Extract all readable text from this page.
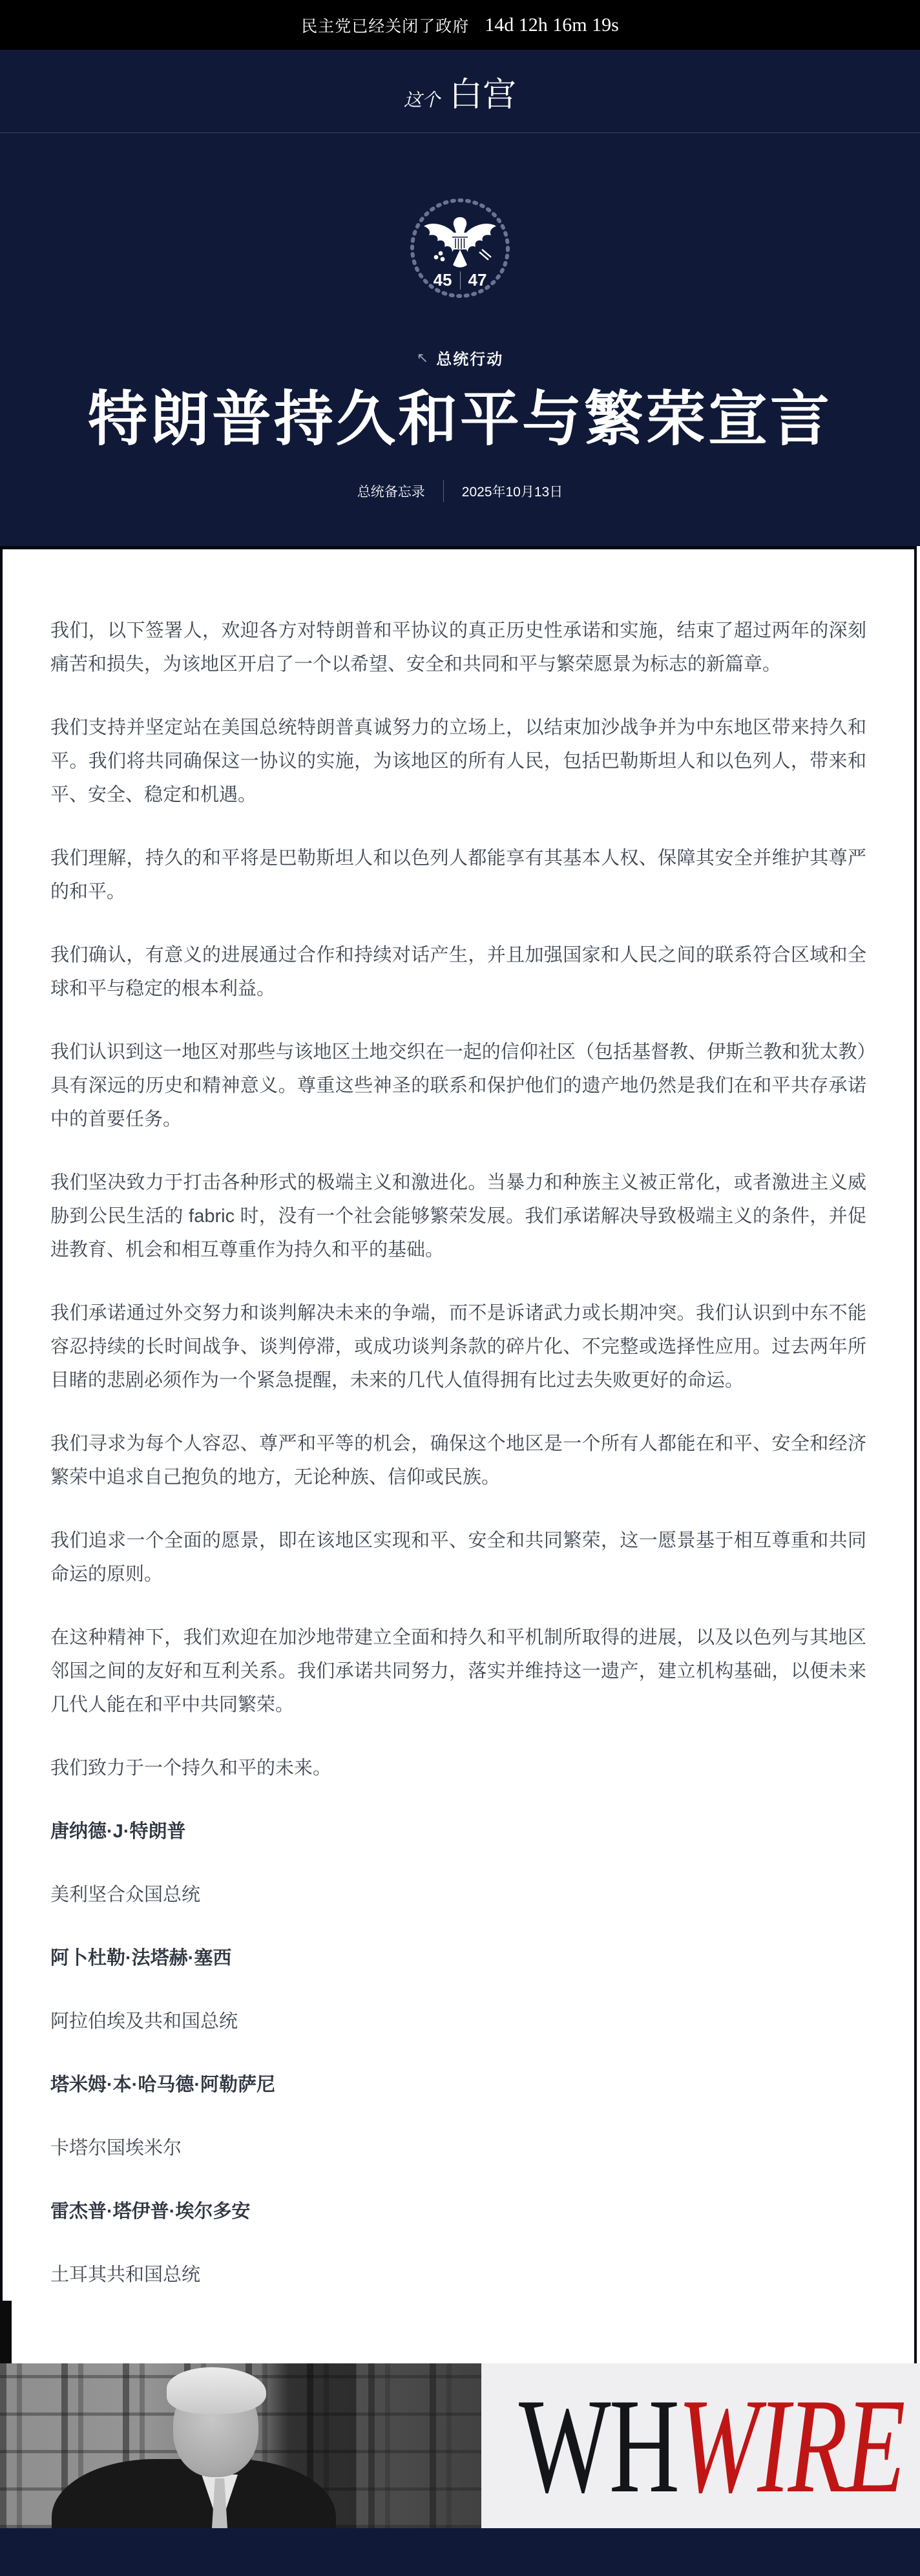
民主党已经关闭了政府 14d 12h 16m 19s
这个 白宫
45 47
↖ 总统行动
特朗普持久和平与繁荣宣言
总统备忘录	2025年10月13日

我们，以下签署人，欢迎各方对特朗普和平协议的真正历史性承诺和实施，结束了超过两年的深刻痛苦和损失，为该地区开启了一个以希望、安全和共同和平与繁荣愿景为标志的新篇章。

我们支持并坚定站在美国总统特朗普真诚努力的立场上，以结束加沙战争并为中东地区带来持久和平。我们将共同确保这一协议的实施，为该地区的所有人民，包括巴勒斯坦人和以色列人，带来和平、安全、稳定和机遇。

我们理解，持久的和平将是巴勒斯坦人和以色列人都能享有其基本人权、保障其安全并维护其尊严的和平。

我们确认，有意义的进展通过合作和持续对话产生，并且加强国家和人民之间的联系符合区域和全球和平与稳定的根本利益。

我们认识到这一地区对那些与该地区土地交织在一起的信仰社区（包括基督教、伊斯兰教和犹太教）具有深远的历史和精神意义。尊重这些神圣的联系和保护他们的遗产地仍然是我们在和平共存承诺中的首要任务。

我们坚决致力于打击各种形式的极端主义和激进化。当暴力和种族主义被正常化，或者激进主义威胁到公民生活的 fabric 时，没有一个社会能够繁荣发展。我们承诺解决导致极端主义的条件，并促进教育、机会和相互尊重作为持久和平的基础。

我们承诺通过外交努力和谈判解决未来的争端，而不是诉诸武力或长期冲突。我们认识到中东不能容忍持续的长时间战争、谈判停滞，或成功谈判条款的碎片化、不完整或选择性应用。过去两年所目睹的悲剧必须作为一个紧急提醒，未来的几代人值得拥有比过去失败更好的命运。

我们寻求为每个人容忍、尊严和平等的机会，确保这个地区是一个所有人都能在和平、安全和经济繁荣中追求自己抱负的地方，无论种族、信仰或民族。

我们追求一个全面的愿景，即在该地区实现和平、安全和共同繁荣，这一愿景基于相互尊重和共同命运的原则。

在这种精神下，我们欢迎在加沙地带建立全面和持久和平机制所取得的进展，以及以色列与其地区邻国之间的友好和互利关系。我们承诺共同努力，落实并维持这一遗产，建立机构基础，以便未来几代人能在和平中共同繁荣。

我们致力于一个持久和平的未来。

唐纳德·J·特朗普

美利坚合众国总统

阿卜杜勒·法塔赫·塞西

阿拉伯埃及共和国总统

塔米姆·本·哈马德·阿勒萨尼

卡塔尔国埃米尔

雷杰普·塔伊普·埃尔多安

土耳其共和国总统

WHWIRE
